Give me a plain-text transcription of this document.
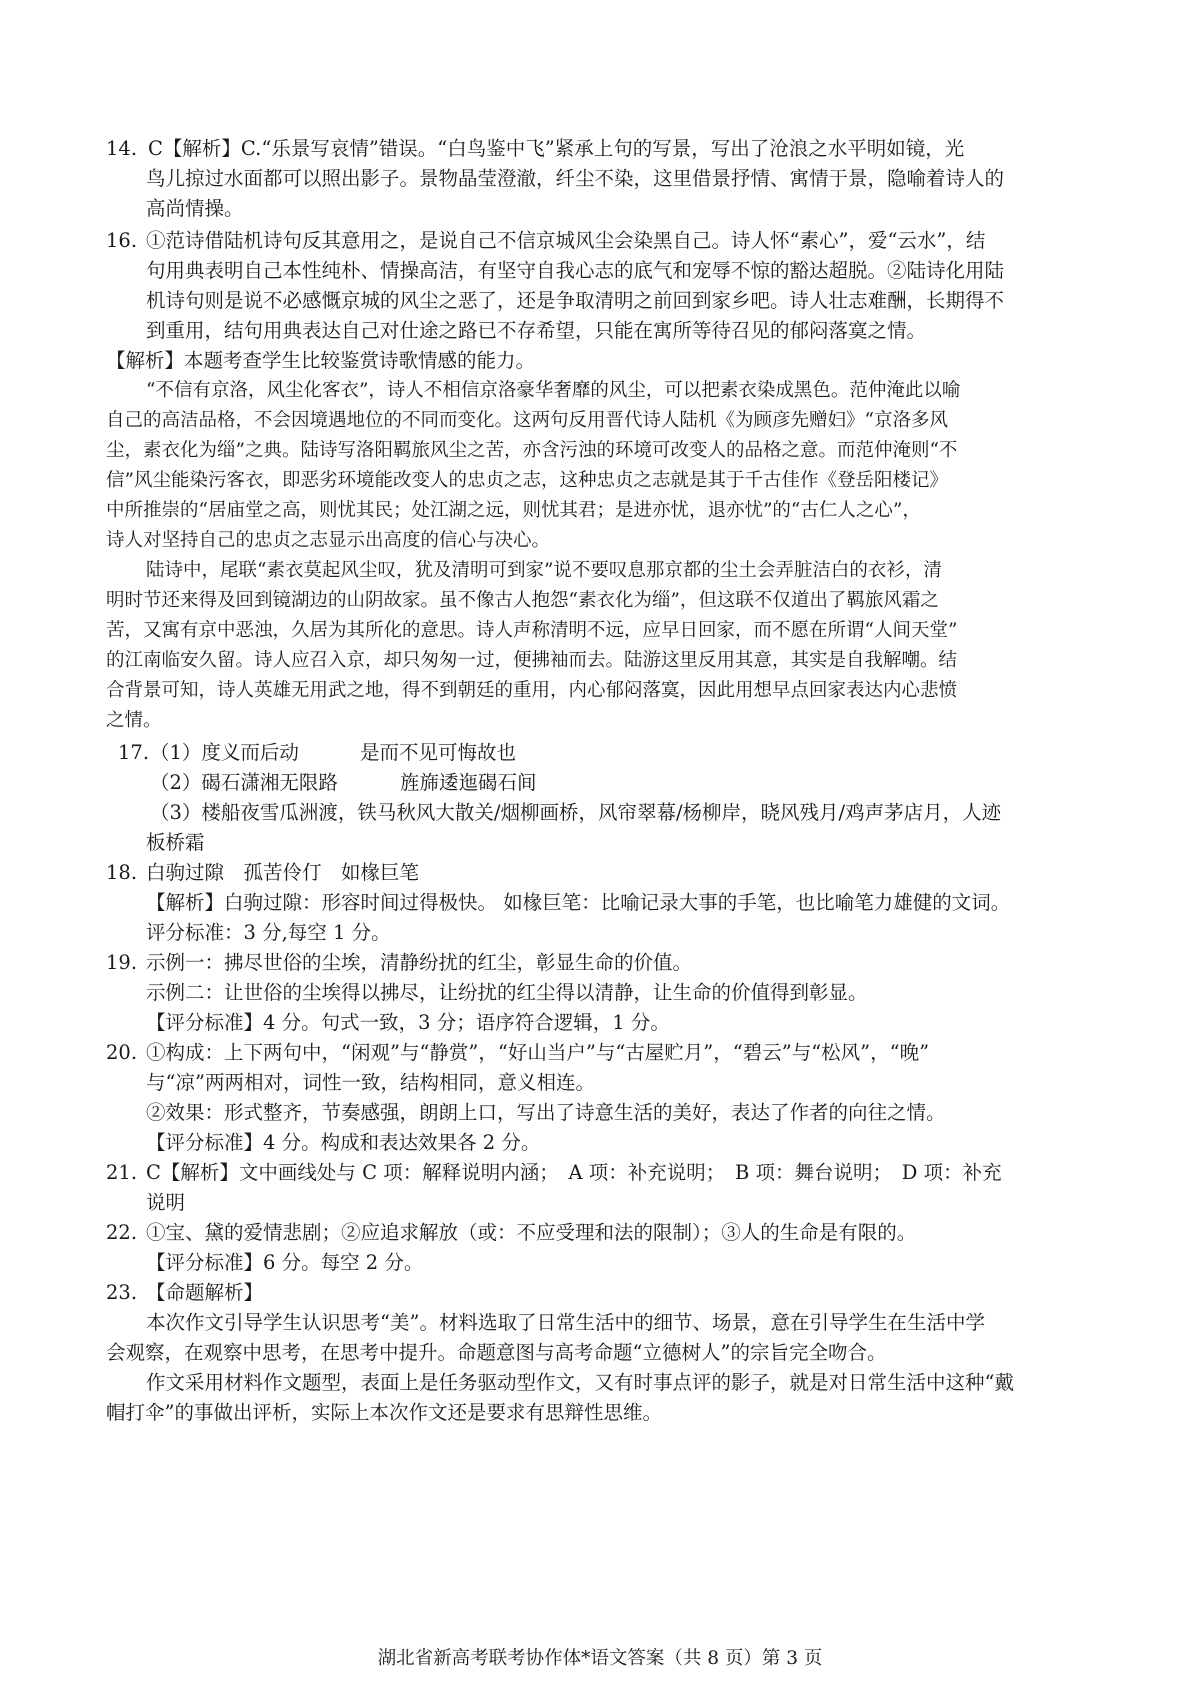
14. C【解析】C.“乐景写哀情”错误。“白鸟鉴中飞”紧承上句的写景，写出了沧浪之水平明如镜，光
鸟儿掠过水面都可以照出影子。景物晶莹澄澈，纤尘不染，这里借景抒情、寓情于景，隐喻着诗人的
高尚情操。
16. ①范诗借陆机诗句反其意用之，是说自己不信京城风尘会染黑自己。诗人怀“素心”，爱“云水”，结
句用典表明自己本性纯朴、情操高洁，有坚守自我心志的底气和宠辱不惊的豁达超脱。②陆诗化用陆
机诗句则是说不必感慨京城的风尘之恶了，还是争取清明之前回到家乡吧。诗人壮志难酬，长期得不
到重用，结句用典表达自己对仕途之路已不存希望，只能在寓所等待召见的郁闷落寞之情。
【解析】本题考查学生比较鉴赏诗歌情感的能力。
“不信有京洛，风尘化客衣”，诗人不相信京洛豪华奢靡的风尘，可以把素衣染成黑色。范仲淹此以喻
自己的高洁品格，不会因境遇地位的不同而变化。这两句反用晋代诗人陆机《为顾彦先赠妇》“京洛多风
尘，素衣化为缁”之典。陆诗写洛阳羁旅风尘之苦，亦含污浊的环境可改变人的品格之意。而范仲淹则“不
信”风尘能染污客衣，即恶劣环境能改变人的忠贞之志，这种忠贞之志就是其于千古佳作《登岳阳楼记》
中所推崇的“居庙堂之高，则忧其民；处江湖之远，则忧其君；是进亦忧，退亦忧”的“古仁人之心”，
诗人对坚持自己的忠贞之志显示出高度的信心与决心。
陆诗中，尾联“素衣莫起风尘叹，犹及清明可到家”说不要叹息那京都的尘土会弄脏洁白的衣衫，清
明时节还来得及回到镜湖边的山阴故家。虽不像古人抱怨“素衣化为缁”，但这联不仅道出了羁旅风霜之
苦，又寓有京中恶浊，久居为其所化的意思。诗人声称清明不远，应早日回家，而不愿在所谓“人间天堂”
的江南临安久留。诗人应召入京，却只匆匆一过，便拂袖而去。陆游这里反用其意，其实是自我解嘲。结
合背景可知，诗人英雄无用武之地，得不到朝廷的重用，内心郁闷落寞，因此用想早点回家表达内心悲愤
之情。
17. （1）度义而后动	是而不见可悔故也
（2）碣石潇湘无限路	旌旆逶迤碣石间
（3）楼船夜雪瓜洲渡，铁马秋风大散关/烟柳画桥，风帘翠幕/杨柳岸，晓风残月/鸡声茅店月，人迹
板桥霜
18. 白驹过隙　孤苦伶仃　如椽巨笔
【解析】白驹过隙：形容时间过得极快。 如椽巨笔：比喻记录大事的手笔，也比喻笔力雄健的文词。
评分标准：3 分,每空 1 分。
19. 示例一：拂尽世俗的尘埃，清静纷扰的红尘，彰显生命的价值。
示例二：让世俗的尘埃得以拂尽，让纷扰的红尘得以清静，让生命的价值得到彰显。
【评分标准】4 分。句式一致，3 分；语序符合逻辑，1 分。
20. ①构成：上下两句中，“闲观”与“静赏”，“好山当户”与“古屋贮月”，“碧云”与“松风”，“晚”
与“凉”两两相对，词性一致，结构相同，意义相连。
②效果：形式整齐，节奏感强，朗朗上口，写出了诗意生活的美好，表达了作者的向往之情。
【评分标准】4 分。构成和表达效果各 2 分。
21. C【解析】文中画线处与 C 项：解释说明内涵；　A 项：补充说明；　B 项：舞台说明；　D 项：补充
说明
22. ①宝、黛的爱情悲剧；②应追求解放（或：不应受理和法的限制）；③人的生命是有限的。
【评分标准】6 分。每空 2 分。
23. 【命题解析】
本次作文引导学生认识思考“美”。材料选取了日常生活中的细节、场景，意在引导学生在生活中学
会观察，在观察中思考，在思考中提升。命题意图与高考命题“立德树人”的宗旨完全吻合。
作文采用材料作文题型，表面上是任务驱动型作文，又有时事点评的影子，就是对日常生活中这种“戴
帽打伞”的事做出评析，实际上本次作文还是要求有思辩性思维。
湖北省新高考联考协作体*语文答案（共 8 页）第 3 页
